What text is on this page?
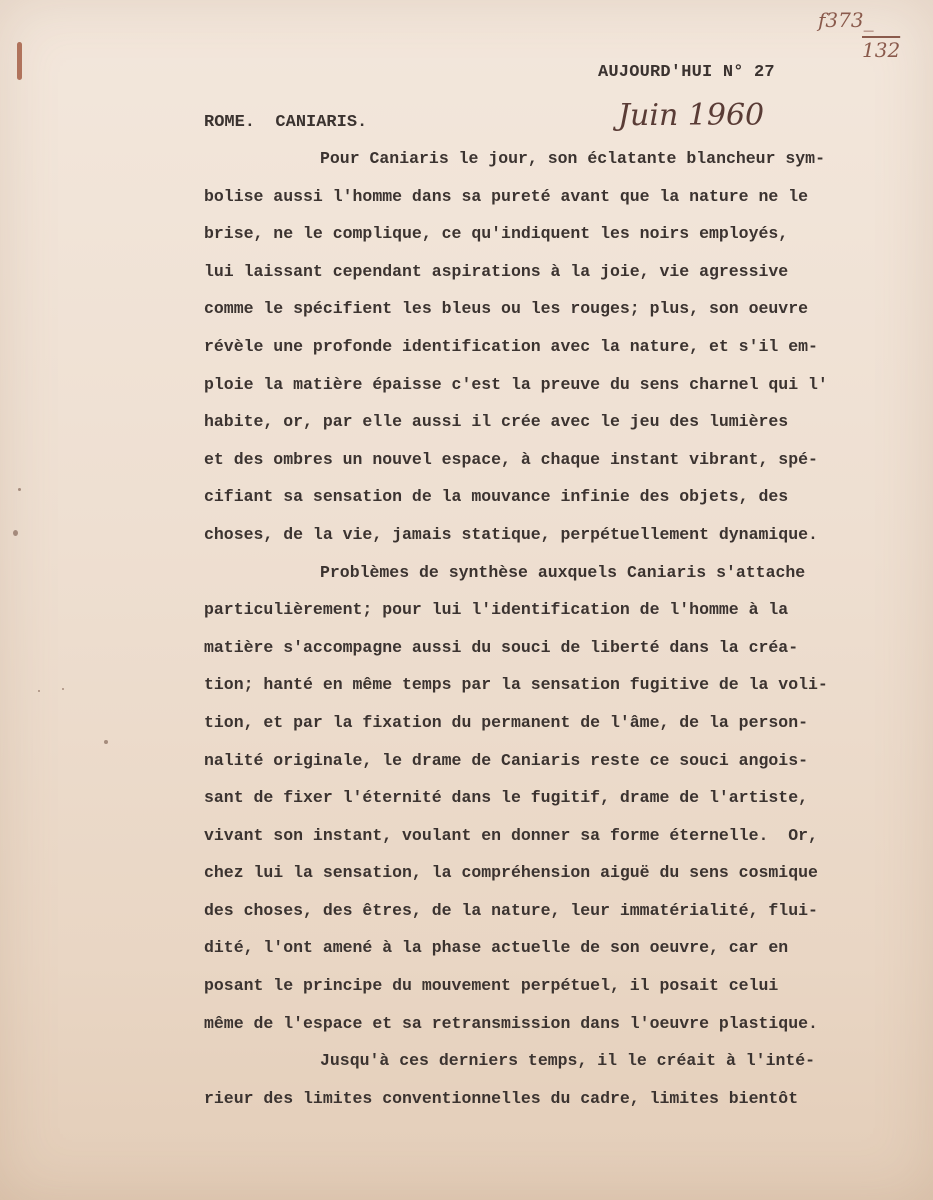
f373_
132
AUJOURD'HUI N° 27
ROME.  CANIARIS.	Juin 1960
Pour Caniaris le jour, son éclatante blancheur sym-
bolise aussi l'homme dans sa pureté avant que la nature ne le
brise, ne le complique, ce qu'indiquent les noirs employés,
lui laissant cependant aspirations à la joie, vie agressive
comme le spécifient les bleus ou les rouges; plus, son oeuvre
révèle une profonde identification avec la nature, et s'il em-
ploie la matière épaisse c'est la preuve du sens charnel qui l'
habite, or, par elle aussi il crée avec le jeu des lumières
et des ombres un nouvel espace, à chaque instant vibrant, spé-
cifiant sa sensation de la mouvance infinie des objets, des
choses, de la vie, jamais statique, perpétuellement dynamique.
Problèmes de synthèse auxquels Caniaris s'attache
particulièrement; pour lui l'identification de l'homme à la
matière s'accompagne aussi du souci de liberté dans la créa-
tion; hanté en même temps par la sensation fugitive de la voli-
tion, et par la fixation du permanent de l'âme, de la person-
nalité originale, le drame de Caniaris reste ce souci angois-
sant de fixer l'éternité dans le fugitif, drame de l'artiste,
vivant son instant, voulant en donner sa forme éternelle.  Or,
chez lui la sensation, la compréhension aiguë du sens cosmique
des choses, des êtres, de la nature, leur immatérialité, flui-
dité, l'ont amené à la phase actuelle de son oeuvre, car en
posant le principe du mouvement perpétuel, il posait celui
même de l'espace et sa retransmission dans l'oeuvre plastique.
Jusqu'à ces derniers temps, il le créait à l'inté-
rieur des limites conventionnelles du cadre, limites bientôt
